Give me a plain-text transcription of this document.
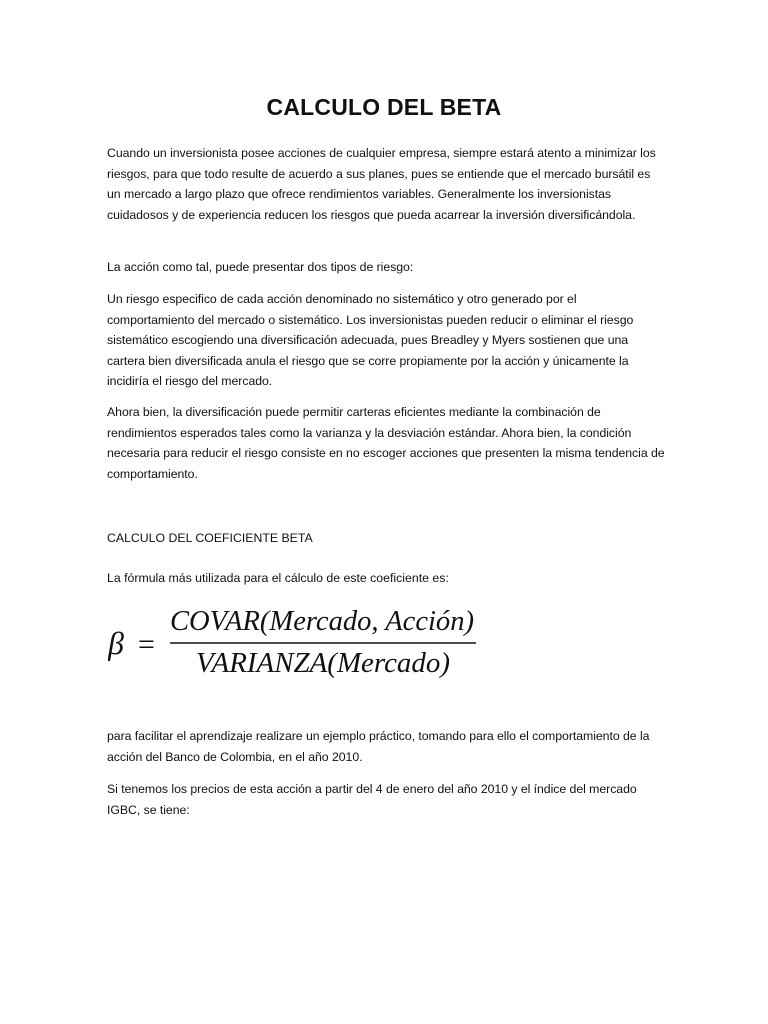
CALCULO DEL BETA

Cuando un inversionista posee acciones de cualquier empresa, siempre estará atento a minimizar los riesgos, para que todo resulte de acuerdo a sus planes, pues se entiende que el mercado bursátil es un mercado a largo plazo que ofrece rendimientos variables. Generalmente los inversionistas cuidadosos y de experiencia reducen los riesgos que pueda acarrear la inversión diversificándola.

La acción como tal, puede presentar dos tipos de riesgo:

Un riesgo especifico de cada acción denominado no sistemático y otro generado por el comportamiento del mercado o sistemático. Los inversionistas pueden reducir o eliminar el riesgo sistemático escogiendo una diversificación adecuada, pues Breadley y Myers sostienen que una cartera bien diversificada anula el riesgo que se corre propiamente por la acción y únicamente la incidiría el riesgo del mercado.

Ahora bien, la diversificación puede permitir carteras eficientes mediante la combinación de rendimientos esperados tales como la varianza y la desviación estándar. Ahora bien, la condición necesaria para reducir el riesgo consiste en no escoger acciones que presenten la misma tendencia de comportamiento.

CALCULO DEL COEFICIENTE BETA

La fórmula más utilizada para el cálculo de este coeficiente es:

β =
COVAR(Mercado, Acción)
VARIANZA(Mercado)

para facilitar el aprendizaje realizare un ejemplo práctico, tomando para ello el comportamiento de la acción del Banco de Colombia, en el año 2010.

Si tenemos los precios de esta acción a partir del 4 de enero del año 2010 y el índice del mercado IGBC, se tiene:
